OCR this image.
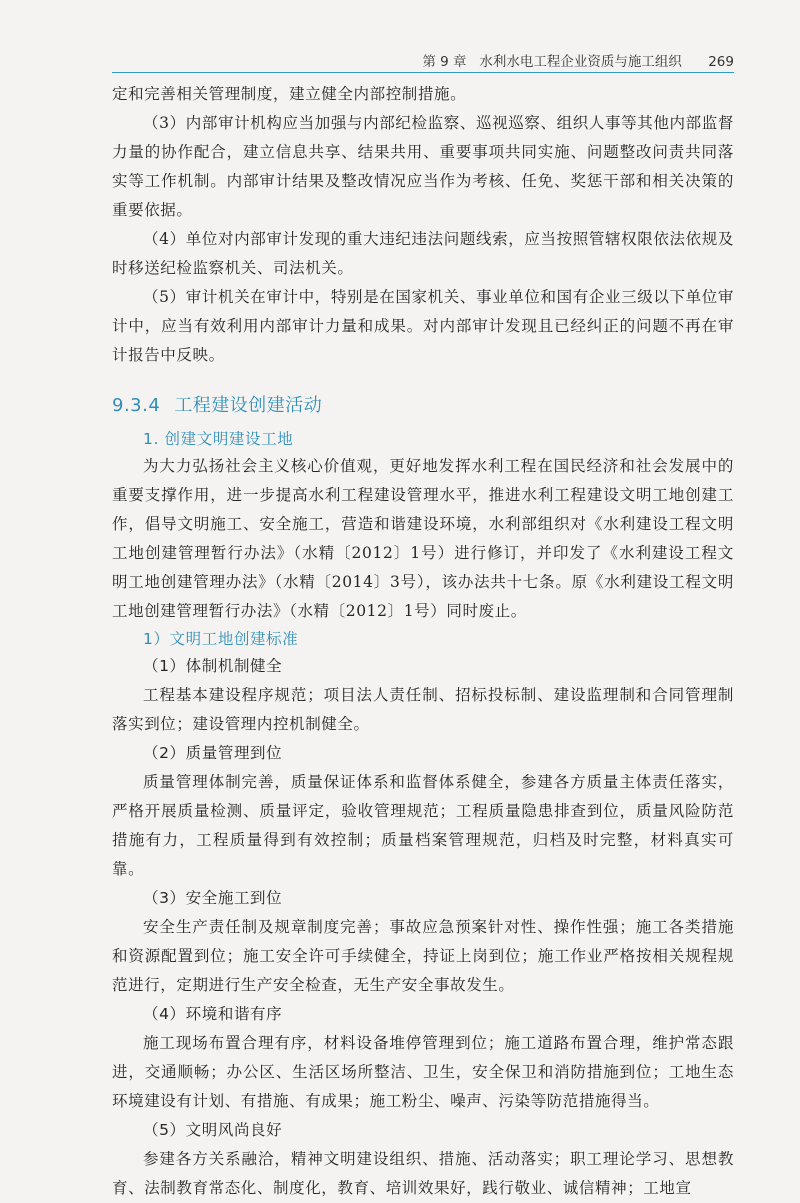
第 9 章 水利水电工程企业资质与施工组织 269

定和完善相关管理制度，建立健全内部控制措施。

（3）内部审计机构应当加强与内部纪检监察、巡视巡察、组织人事等其他内部监督力量的协作配合，建立信息共享、结果共用、重要事项共同实施、问题整改问责共同落实等工作机制。内部审计结果及整改情况应当作为考核、任免、奖惩干部和相关决策的重要依据。

（4）单位对内部审计发现的重大违纪违法问题线索，应当按照管辖权限依法依规及时移送纪检监察机关、司法机关。

（5）审计机关在审计中，特别是在国家机关、事业单位和国有企业三级以下单位审计中，应当有效利用内部审计力量和成果。对内部审计发现且已经纠正的问题不再在审计报告中反映。

9.3.4 工程建设创建活动
1. 创建文明建设工地

为大力弘扬社会主义核心价值观，更好地发挥水利工程在国民经济和社会发展中的重要支撑作用，进一步提高水利工程建设管理水平，推进水利工程建设文明工地创建工作，倡导文明施工、安全施工，营造和谐建设环境，水利部组织对《水利建设工程文明工地创建管理暂行办法》（水精〔2012〕1号）进行修订，并印发了《水利建设工程文明工地创建管理办法》（水精〔2014〕3号），该办法共十七条。原《水利建设工程文明工地创建管理暂行办法》（水精〔2012〕1号）同时废止。

1）文明工地创建标准
（1）体制机制健全

工程基本建设程序规范；项目法人责任制、招标投标制、建设监理制和合同管理制落实到位；建设管理内控机制健全。

（2）质量管理到位

质量管理体制完善，质量保证体系和监督体系健全，参建各方质量主体责任落实，严格开展质量检测、质量评定，验收管理规范；工程质量隐患排查到位，质量风险防范措施有力，工程质量得到有效控制；质量档案管理规范，归档及时完整，材料真实可靠。

（3）安全施工到位

安全生产责任制及规章制度完善；事故应急预案针对性、操作性强；施工各类措施和资源配置到位；施工安全许可手续健全，持证上岗到位；施工作业严格按相关规程规范进行，定期进行生产安全检查，无生产安全事故发生。

（4）环境和谐有序

施工现场布置合理有序，材料设备堆停管理到位；施工道路布置合理，维护常态跟进，交通顺畅；办公区、生活区场所整洁、卫生，安全保卫和消防措施到位；工地生态环境建设有计划、有措施、有成果；施工粉尘、噪声、污染等防范措施得当。

（5）文明风尚良好

参建各方关系融洽，精神文明建设组织、措施、活动落实；职工理论学习、思想教育、法制教育常态化、制度化，教育、培训效果好，践行敬业、诚信精神；工地宣
